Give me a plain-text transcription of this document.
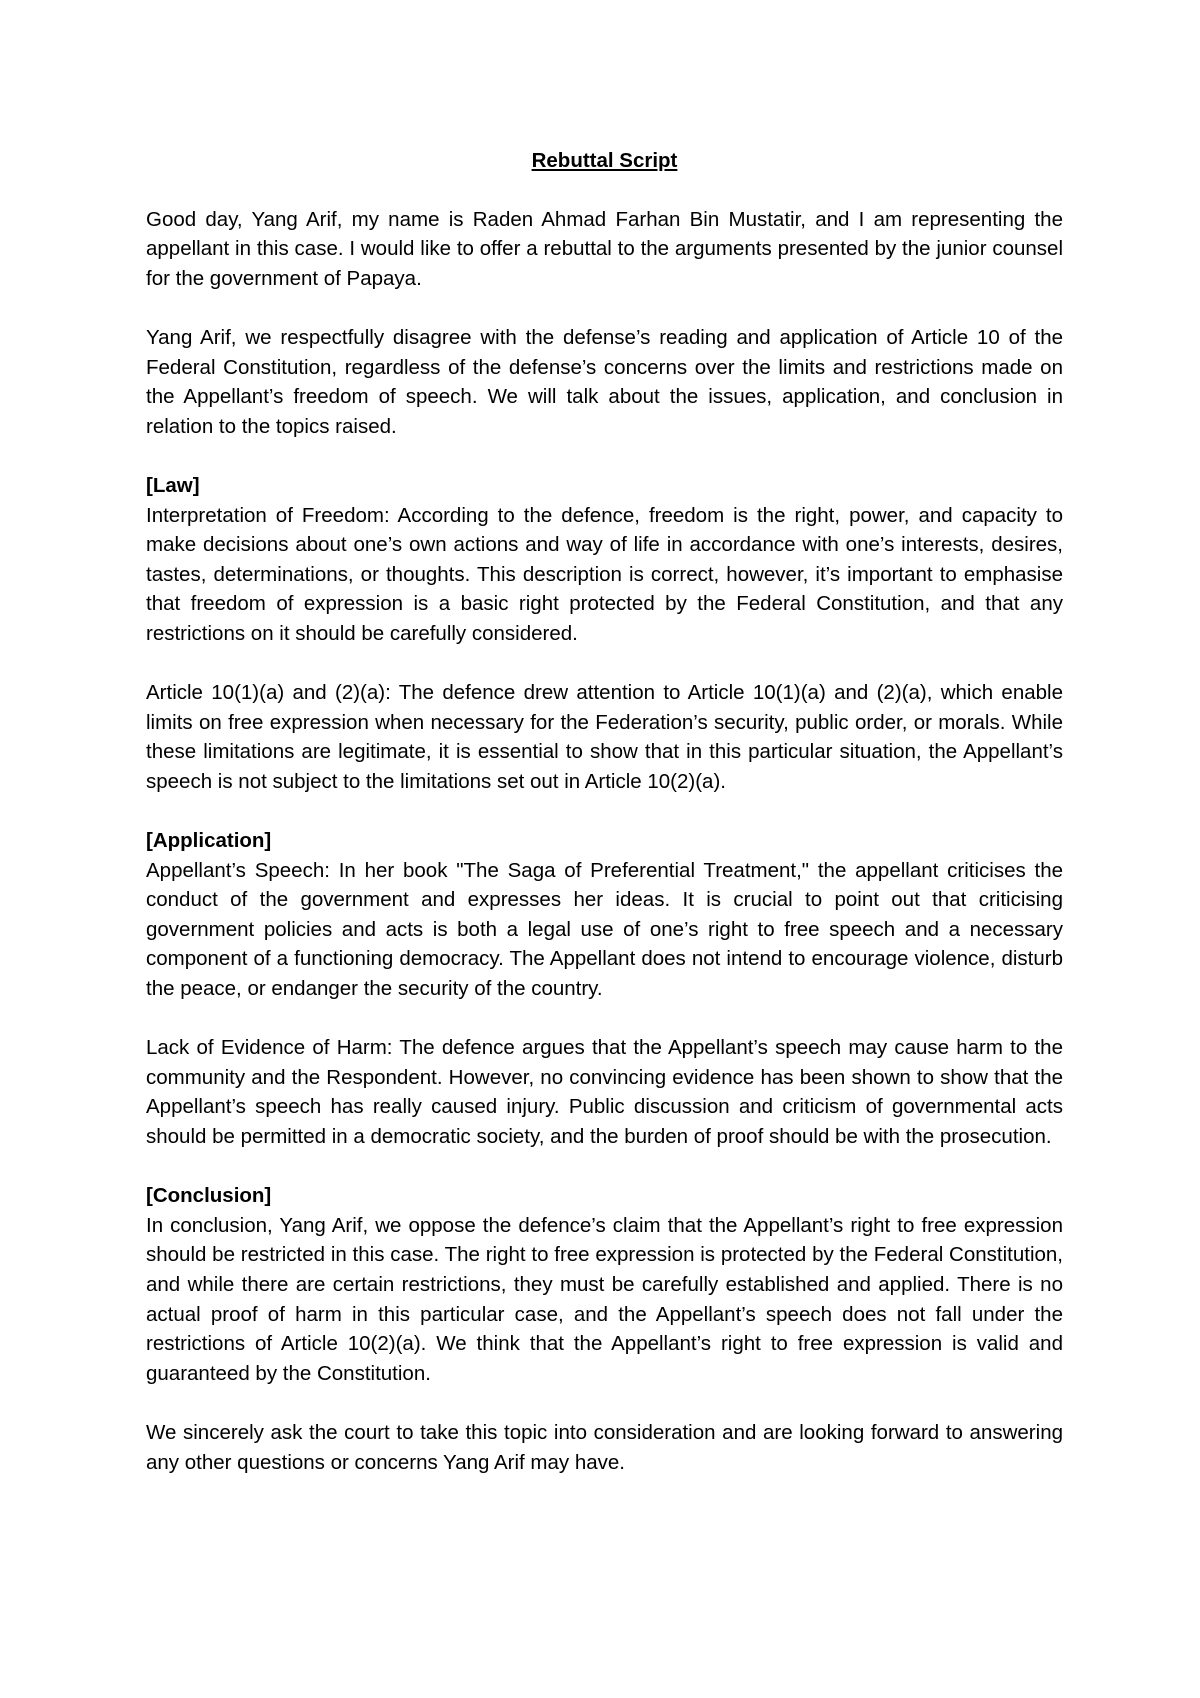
Rebuttal Script

Good day, Yang Arif, my name is Raden Ahmad Farhan Bin Mustatir, and I am representing the appellant in this case. I would like to offer a rebuttal to the arguments presented by the junior counsel for the government of Papaya.

Yang Arif, we respectfully disagree with the defense’s reading and application of Article 10 of the Federal Constitution, regardless of the defense’s concerns over the limits and restrictions made on the Appellant’s freedom of speech. We will talk about the issues, application, and conclusion in relation to the topics raised.

[Law]

Interpretation of Freedom: According to the defence, freedom is the right, power, and capacity to make decisions about one’s own actions and way of life in accordance with one’s interests, desires, tastes, determinations, or thoughts. This description is correct, however, it’s important to emphasise that freedom of expression is a basic right protected by the Federal Constitution, and that any restrictions on it should be carefully considered.

Article 10(1)(a) and (2)(a): The defence drew attention to Article 10(1)(a) and (2)(a), which enable limits on free expression when necessary for the Federation’s security, public order, or morals. While these limitations are legitimate, it is essential to show that in this particular situation, the Appellant’s speech is not subject to the limitations set out in Article 10(2)(a).

[Application]

Appellant’s Speech: In her book "The Saga of Preferential Treatment," the appellant criticises the conduct of the government and expresses her ideas. It is crucial to point out that criticising government policies and acts is both a legal use of one’s right to free speech and a necessary component of a functioning democracy. The Appellant does not intend to encourage violence, disturb the peace, or endanger the security of the country.

Lack of Evidence of Harm: The defence argues that the Appellant’s speech may cause harm to the community and the Respondent. However, no convincing evidence has been shown to show that the Appellant’s speech has really caused injury. Public discussion and criticism of governmental acts should be permitted in a democratic society, and the burden of proof should be with the prosecution.

[Conclusion]

In conclusion, Yang Arif, we oppose the defence’s claim that the Appellant’s right to free expression should be restricted in this case. The right to free expression is protected by the Federal Constitution, and while there are certain restrictions, they must be carefully established and applied. There is no actual proof of harm in this particular case, and the Appellant’s speech does not fall under the restrictions of Article 10(2)(a). We think that the Appellant’s right to free expression is valid and guaranteed by the Constitution.

We sincerely ask the court to take this topic into consideration and are looking forward to answering any other questions or concerns Yang Arif may have.
